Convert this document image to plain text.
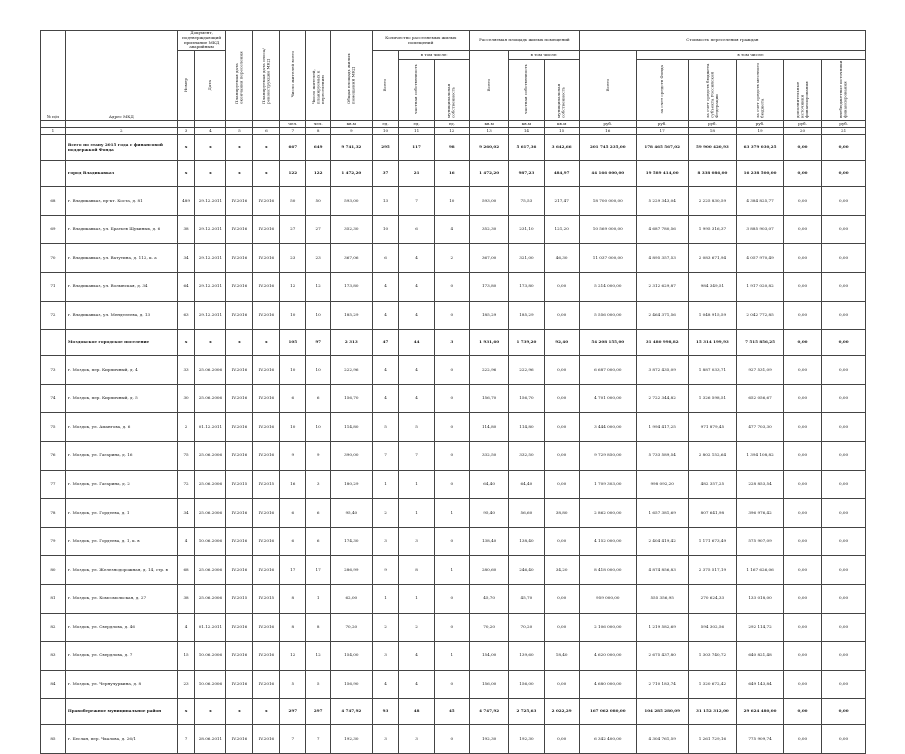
№ п/п	Адрес МКД	Документ, подтверждающий признание МКД аварийным		Планируемая дата окончания переселения	Планируемая дата сноса/ реконструкции МКД	Число жителей всего	Число жителей, планируемых к переселению	Общая площадь жилых помещений МКД	Количество расселяемых жилых помещений			Расселяемая площадь жилых помещений			Стоимость переселения граждан					
		Номер	Дата						Всего	в том числе:		Всего	в том числе:		Всего	в том числе:				
										частная собственность	муниципальная собственность		частная собственность	муниципальная собственность		за счет средств Фонда	за счет средств бюджета субъекта Российской Федерации	за счет средств местного бюджета	дополнительные источники финансирования	внебюджетные источники финансирования
						чел.	чел.	кв.м	ед.	ед.	ед.	кв.м	кв.м	кв.м	руб.	руб.	руб.	руб.	руб.	руб.
1	2	3	4	5	6	7	8	9	10	11	12	13	14	15	16	17	18	19	20	21
	Всего по этапу 2015 года с финансовой поддержкой Фонда	х	х	х	х	667	649	9 741,32	295	117	98	9 260,02	5 617,36	3 642,66	201 745 235,00	178 465 567,02	59 900 420,93	63 379 030,25	0,00	0,00
	город Владикавказ	х	х	х	х	122	122	1 472,20	37	21	16	1 472,20	987,23	484,97	44 166 000,00	19 589 414,00	8 338 086,00	16 238 500,00	0,00	0,00
68	г. Владикавказ, пр-кт. Коста, д. 81	489	29.12.2011	IV.2016	IV.2016	50	50	593,00	13	7	10	593,00	75,53	217,47	18 700 000,00	5 229 343,04	2 225 830,59	4 384 825,77	0,00	0,00
69	г. Владикавказ, ул. Братьев Щукиных, д. 6	38	29.12.2011	IV.2016	IV.2016	27	27	352,30	10	6	4	352,30	231,10	121,20	10 569 000,00	4 687 780,56	1 995 316,37	3 885 903,07	0,00	0,00
70	г. Владикавказ, ул. Ватутина, д. 112, к. а	34	29.12.2011	IV.2016	IV.2016	23	23	367,06	6	4	2	367,00	321,00	46,30	11 037 000,00	4 895 357,53	2 083 671,94	4 057 970,49	0,00	0,00
71	г. Владикавказ, ул. Волынская, д. 34	64	29.12.2011	IV.2016	IV.2016	12	12	173,80	4	4	0	173,80	173,80	0,00	5 214 000,00	2 312 629,87	984 349,51	1 917 020,82	0,00	0,00
72	г. Владикавказ, ул. Менделеева, д. 13	63	29.12.2011	IV.2016	IV.2016	10	10	185,29	4	4	0	185,29	185,29	0,00	5 556 000,00	2 464 371,56	1 048 915,59	2 042 772,85	0,00	0,00
	Моздокское городское поселение	х	х	х	х	105	97	2 313	47	44	3	1 931,60	1 739,20	92,40	54 208 155,00	31 480 998,82	15 314 199,93	7 515 856,25	0,00	0,00
73	г. Моздок, пер. Кирпичный, д. 4	33	25.06.2006	IV.2016	IV.2016	10	10	222,96	4	4	0	222,96	222,96	0,00	6 687 000,00	3 872 435,09	1 887 033,71	927 531,09	0,00	0,00
74	г. Моздок, пер. Кирпичный, д. 5	30	25.06.2006	IV.2016	IV.2016	6	6	156,70	4	4	0	156,70	156,70	0,00	4 701 000,00	2 722 344,82	1 326 598,51	652 056,67	0,00	0,00
75	г. Моздок, ул. Амангова, д. 6	2	01.12.2011	IV.2016	IV.2016	10	10	114,80	5	5	0	114,80	114,80	0,00	3 444 000,00	1 994 417,25	971 879,45	477 703,30	0,00	0,00
76	г. Моздок, ул. Гагарина, д. 16	75	25.06.2006	IV.2016	IV.2016	9	9	390,00	7	7	0	332,50	332,50	0,00	9 729 850,00	5 733 589,54	2 802 152,64	1 394 108,82	0,00	0,00
77	г. Моздок, ул. Гагарина, д. 2	72	25.06.2006	IV.2015	IV.2015	16	3	180,29	1	1	0	64,40	64,40	0,00	1 709 303,00	998 092,20	482 357,25	228 853,54	0,00	0,00
78	г. Моздок, ул. Гордеева, д. 1	34	25.06.2006	IV.2016	IV.2016	6	6	95,40	2	1	1	95,40	56,60	38,80	2 862 000,00	1 657 381,69	807 641,98	396 976,42	0,00	0,00
79	г. Моздок, ул. Гордеева, д. 1, к. в	4	10.06.2006	IV.2016	IV.2016	6	6	174,30	3	3	0	138,40	138,40	0,00	4 152 000,00	2 404 419,42	1 171 673,49	575 907,09	0,00	0,00
80	г. Моздок, ул. Железнодорожная, д. 14, стр. в	68	25.06.2006	IV.2016	IV.2016	17	17	286,99	9	8	1	280,60	246,40	34,20	8 418 000,00	4 874 856,83	2 375 517,19	1 167 626,06	0,00	0,00
81	г. Моздок, ул. Комсомольская, д. 27	38	25.06.2006	IV.2015	IV.2015	8	1	62,00	1	1	0	45,70	45,70	0,00	959 000,00	555 356,95	270 624,33	133 018,00	0,00	0,00
82	г. Моздок, ул. Свердлова, д. 46	4	01.12.2011	IV.2016	IV.2016	8	8	70,20	2	2	0	70,20	70,20	0,00	2 106 000,00	1 219 582,69	594 302,56	292 114,72	0,00	0,00
83	г. Моздок, ул. Свердлова, д. 7	15	10.06.2006	IV.2016	IV.2016	12	12	154,00	3	4	1	154,00	139,60	18,40	4 620 000,00	2 675 437,80	1 303 740,72	640 821,48	0,00	0,00
84	г. Моздок, ул. Чернучуркина, д. 8	23	10.06.2006	IV.2016	IV.2016	5	5	156,90	4	4	0	156,00	156,00	0,00	4 680 000,00	2 710 183,74	1 320 672,42	649 143,84	0,00	0,00
	Правобережное муниципальное район	х	х	х	х	297	297	4 747,92	93	48	45	4 747,92	2 725,63	2 022,29	167 062 080,00	104 285 280,09	31 152 312,00	29 624 480,00	0,00	0,00
85	г. Беслан, пер. Чкалова, д. 26/1	7	28.06.2011	IV.2016	IV.2016	7	7	192,30	3	3	0	192,30	192,30	0,00	6 342 400,00	4 304 761,59	1 261 729,16	775 909,74	0,00	0,00
